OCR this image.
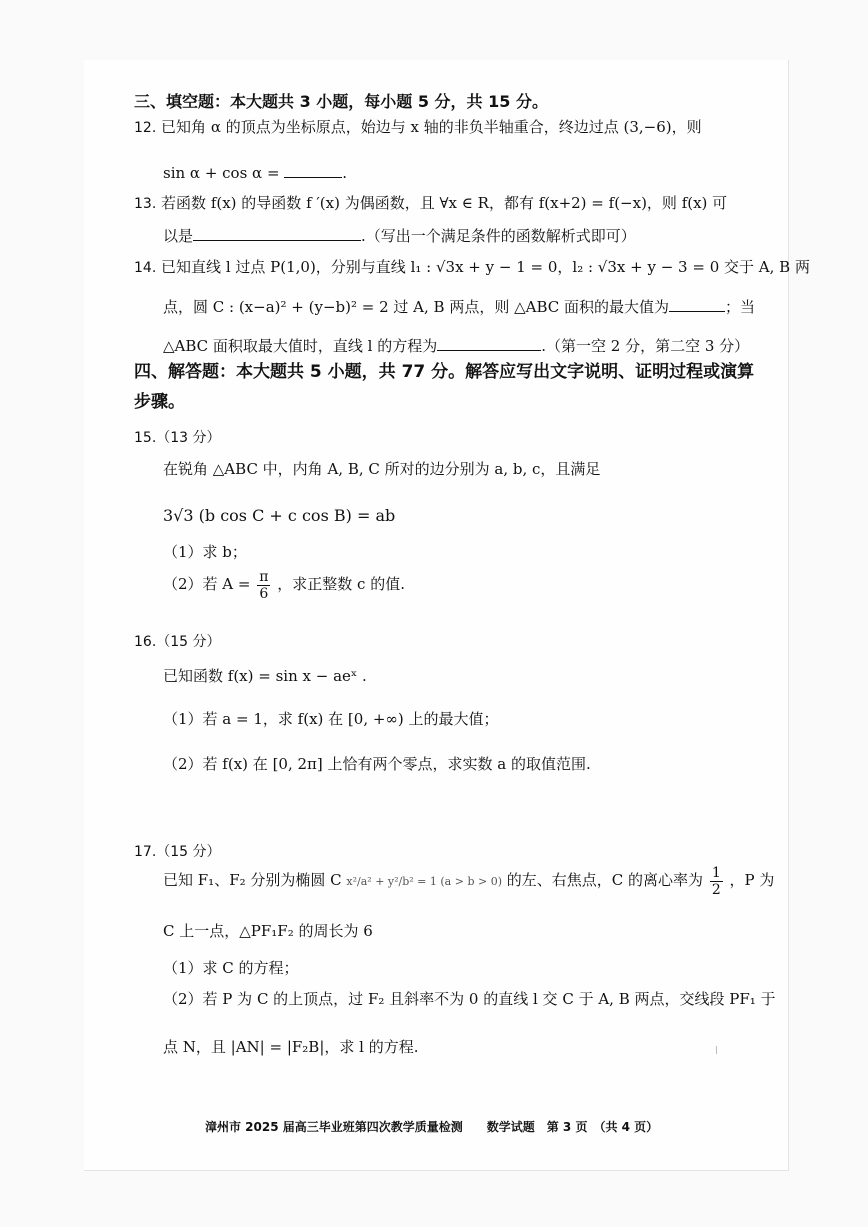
三、填空题：本大题共 3 小题，每小题 5 分，共 15 分。
12. 已知角 α 的顶点为坐标原点，始边与 x 轴的非负半轴重合，终边过点 (3,−6)，则
sin α + cos α =	.
13. 若函数 f(x) 的导函数 f ′(x) 为偶函数，且 ∀x ∈ R，都有 f(x+2) = f(−x)，则 f(x) 可
以是	.（写出一个满足条件的函数解析式即可）
14. 已知直线 l 过点 P(1,0)，分别与直线 l₁ : √3x + y − 1 = 0，l₂ : √3x + y − 3 = 0 交于 A, B 两
点，圆 C : (x−a)² + (y−b)² = 2 过 A, B 两点，则 △ABC 面积的最大值为	；当
△ABC 面积取最大值时，直线 l 的方程为	.（第一空 2 分，第二空 3 分）
四、解答题：本大题共 5 小题，共 77 分。解答应写出文字说明、证明过程或演算
步骤。
15.（13 分）
在锐角 △ABC 中，内角 A, B, C 所对的边分别为 a, b, c，且满足
3√3 (b cos C + c cos B) = ab
（1）求 b；
（2）若 $A = \frac{\pi}{6}$ ，求正整数 c 的值.
16.（15 分）
已知函数 f(x) = sin x − aeˣ .
（1）若 a = 1，求 f(x) 在 [0, +∞) 上的最大值；
（2）若 f(x) 在 [0, 2π] 上恰有两个零点，求实数 a 的取值范围.
17.（15 分）
已知 F₁、F₂ 分别为椭圆 C x²/a² + y²/b² = 1 (a > b > 0) 的左、右焦点，C 的离心率为 $\frac{1}{2}$ ，P 为
C 上一点，△PF₁F₂ 的周长为 6
（1）求 C 的方程；
（2）若 P 为 C 的上顶点，过 F₂ 且斜率不为 0 的直线 l 交 C 于 A, B 两点，交线段 PF₁ 于
点 N，且 |AN| = |F₂B|，求 l 的方程.
漳州市 2025 届高三毕业班第四次教学质量检测　　数学试题　第 3 页　（共 4 页）
